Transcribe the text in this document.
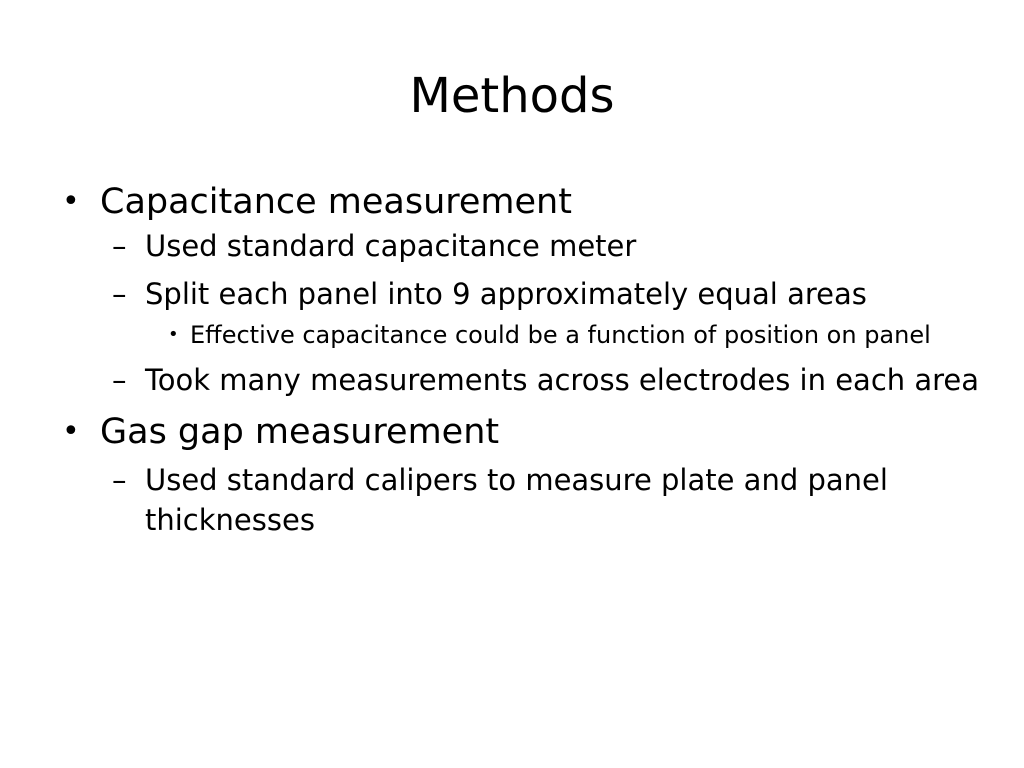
Methods
• Capacitance measurement
– Used standard capacitance meter
– Split each panel into 9 approximately equal areas
• Effective capacitance could be a function of position on panel
– Took many measurements across electrodes in each area
• Gas gap measurement
– Used standard calipers to measure plate and panel thicknesses
